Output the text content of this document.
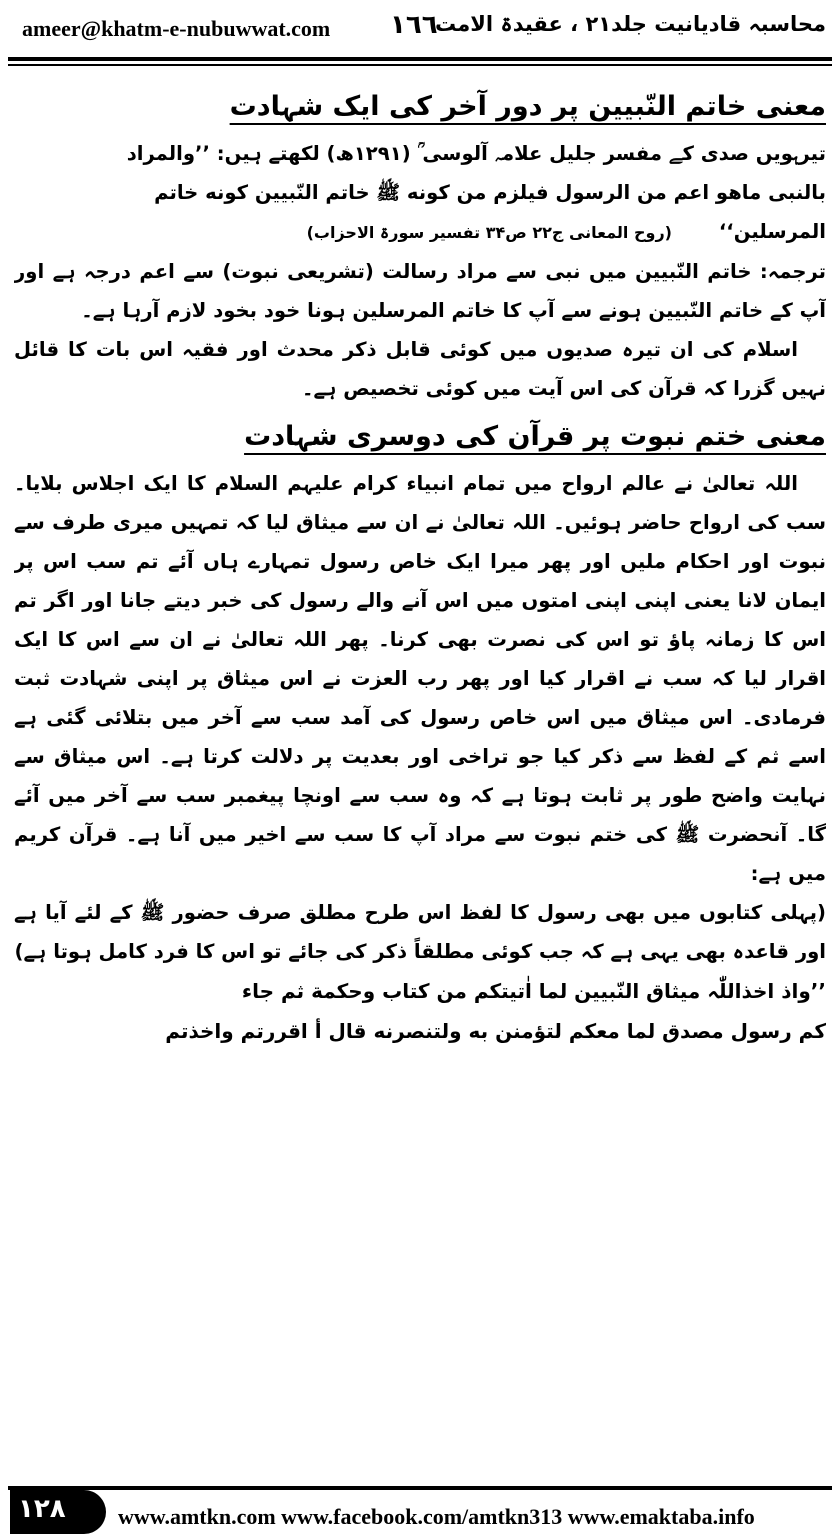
ameer@khatm-e-nubuwwat.com ١٦٦
محاسبہ قادیانیت جلد۲۱ ، عقیدۃ الامت
معنی خاتم النّبیین پر دور آخر کی ایک شہادت

تیرہویں صدی کے مفسر جلیل علامہ آلوسی ؒ (۱۲۹۱ھ) لکھتے ہیں: ’’والمراد
بالنبی ماھو اعم من الرسول فیلزم من کونه ﷺ خاتم النّبیین کونه خاتم

المرسلین‘‘ (روح المعانی ج۲۲ ص۳۴ تفسیر سورۃ الاحزاب)

ترجمہ: خاتم النّبیین میں نبی سے مراد رسالت (تشریعی نبوت) سے اعم درجہ ہے اور آپ کے خاتم النّبیین ہونے سے آپ کا خاتم المرسلین ہونا خود بخود لازم آرہا ہے۔

اسلام کی ان تیرہ صدیوں میں کوئی قابل ذکر محدث اور فقیہ اس بات کا قائل نہیں گزرا کہ قرآن کی اس آیت میں کوئی تخصیص ہے۔

معنی ختم نبوت پر قرآن کی دوسری شہادت

اللہ تعالیٰ نے عالم ارواح میں تمام انبیاء کرام علیہم السلام کا ایک اجلاس بلایا۔ سب کی ارواح حاضر ہوئیں۔ اللہ تعالیٰ نے ان سے میثاق لیا کہ تمہیں میری طرف سے نبوت اور احکام ملیں اور پھر میرا ایک خاص رسول تمہارے ہاں آئے تم سب اس پر ایمان لانا یعنی اپنی اپنی امتوں میں اس آنے والے رسول کی خبر دیتے جانا اور اگر تم اس کا زمانہ پاؤ تو اس کی نصرت بھی کرنا۔ پھر اللہ تعالیٰ نے ان سے اس کا ایک اقرار لیا کہ سب نے اقرار کیا اور پھر رب العزت نے اس میثاق پر اپنی شہادت ثبت فرمادی۔ اس میثاق میں اس خاص رسول کی آمد سب سے آخر میں بتلائی گئی ہے اسے ثم کے لفظ سے ذکر کیا جو تراخی اور بعدیت پر دلالت کرتا ہے۔ اس میثاق سے نہایت واضح طور پر ثابت ہوتا ہے کہ وہ سب سے اونچا پیغمبر سب سے آخر میں آئے گا۔ آنحضرت ﷺ کی ختم نبوت سے مراد آپ کا سب سے اخیر میں آنا ہے۔ قرآن کریم میں ہے:

(پہلی کتابوں میں بھی رسول کا لفظ اس طرح مطلق صرف حضور ﷺ کے لئے آیا ہے اور قاعدہ بھی یہی ہے کہ جب کوئی مطلقاً ذکر کی جائے تو اس کا فرد کامل ہوتا ہے)

’’واذ اخذاللّٰہ میثاق النّبیین لما اٰتیتکم من کتاب وحکمة ثم جاء
کم رسول مصدق لما معکم لتؤمنن به ولتنصرنه قال أ اقررتم واخذتم

۱۲۸ www.amtkn.com www.facebook.com/amtkn313 www.emaktaba.info
